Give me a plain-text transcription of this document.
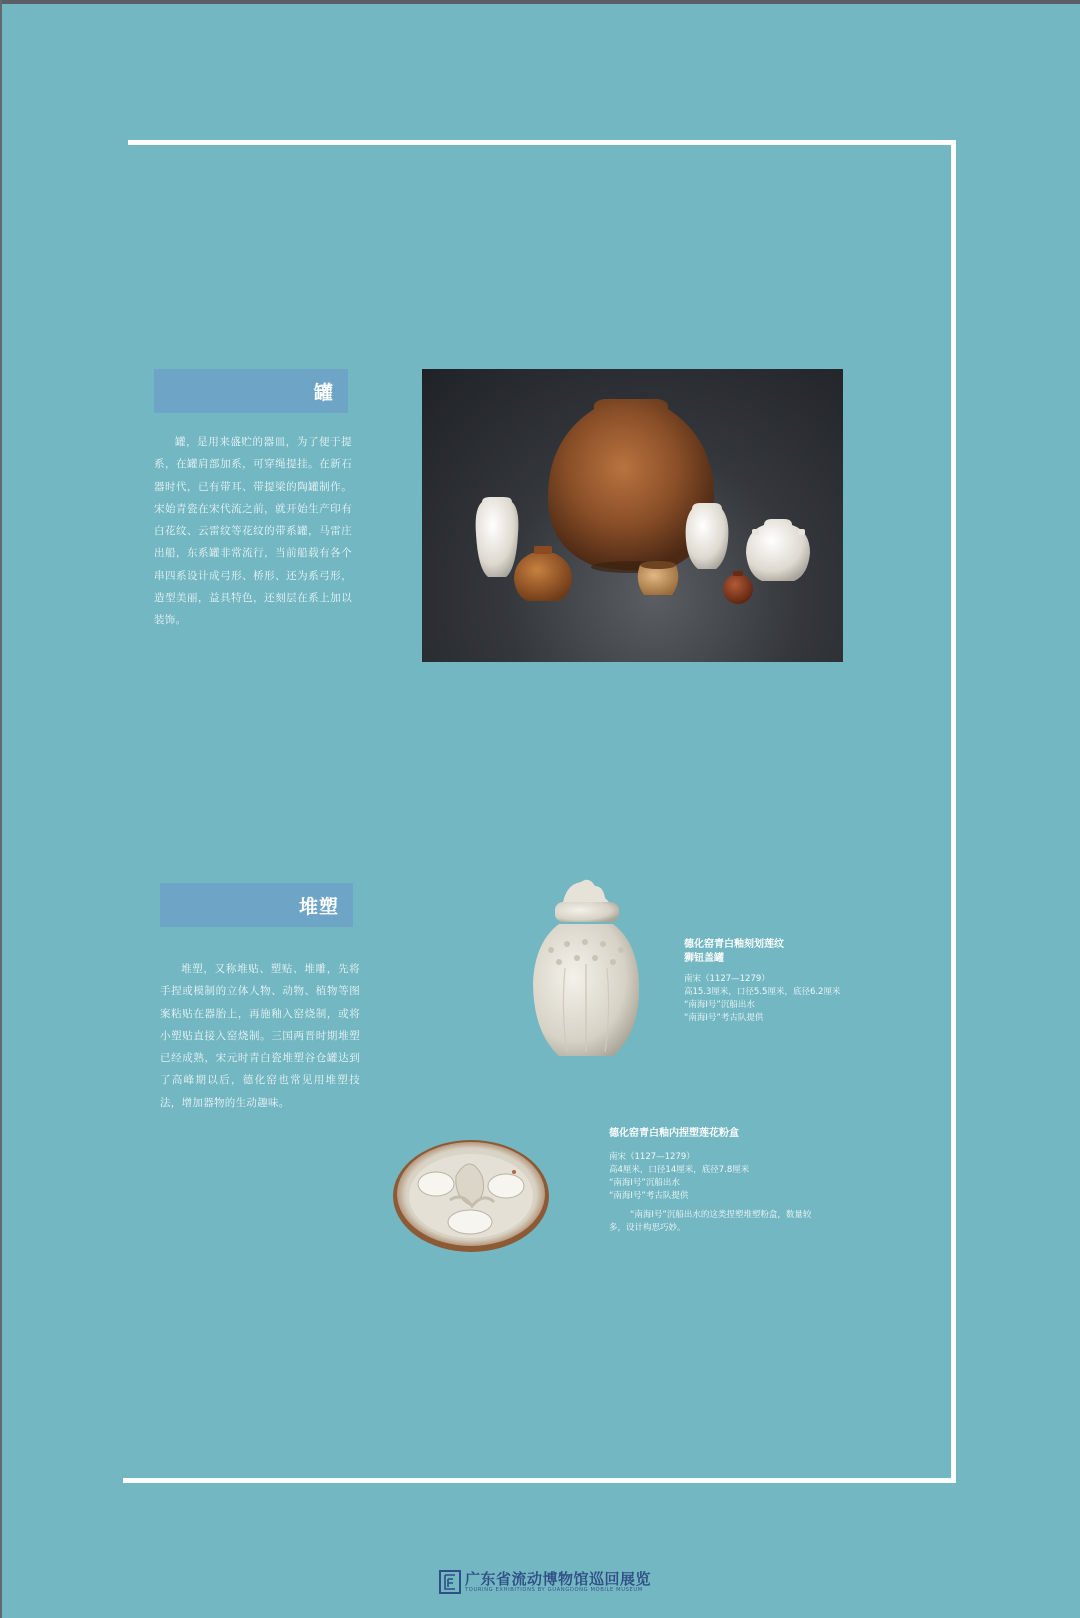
罐
罐，是用来盛贮的器皿，为了便于提系，在罐肩部加系，可穿绳提挂。在新石器时代，已有带耳、带提梁的陶罐制作。宋始青瓷在宋代流之前，就开始生产印有白花纹、云雷纹等花纹的带系罐，马雷庄出船，东系罐非常流行，当前船载有各个串四系设计成弓形、桥形、还为系弓形，造型美丽，益具特色，还刻层在系上加以装饰。
堆塑
堆塑，又称堆贴、塑贴、堆雕，先将手捏或模制的立体人物、动物、植物等图案粘贴在器胎上，再施釉入窑烧制，或将小塑贴直接入窑烧制。三国两晋时期堆塑已经成熟，宋元时青白瓷堆塑谷仓罐达到了高峰期以后，德化窑也常见用堆塑技法，增加器物的生动趣味。
德化窑青白釉刻划莲纹
狮钮盖罐
南宋（1127—1279）
高15.3厘米，口径5.5厘米，底径6.2厘米
“南海I号”沉船出水
“南海I号”考古队提供
德化窑青白釉内捏塑莲花粉盒
南宋（1127—1279）
高4厘米，口径14厘米，底径7.8厘米
“南海I号”沉船出水
“南海I号”考古队提供
“南海I号”沉船出水的这类捏塑堆塑粉盒，数量较
多，设计构思巧妙。
广东省流动博物馆巡回展览
TOURING EXHIBITIONS BY GUANGDONG MOBILE MUSEUM
